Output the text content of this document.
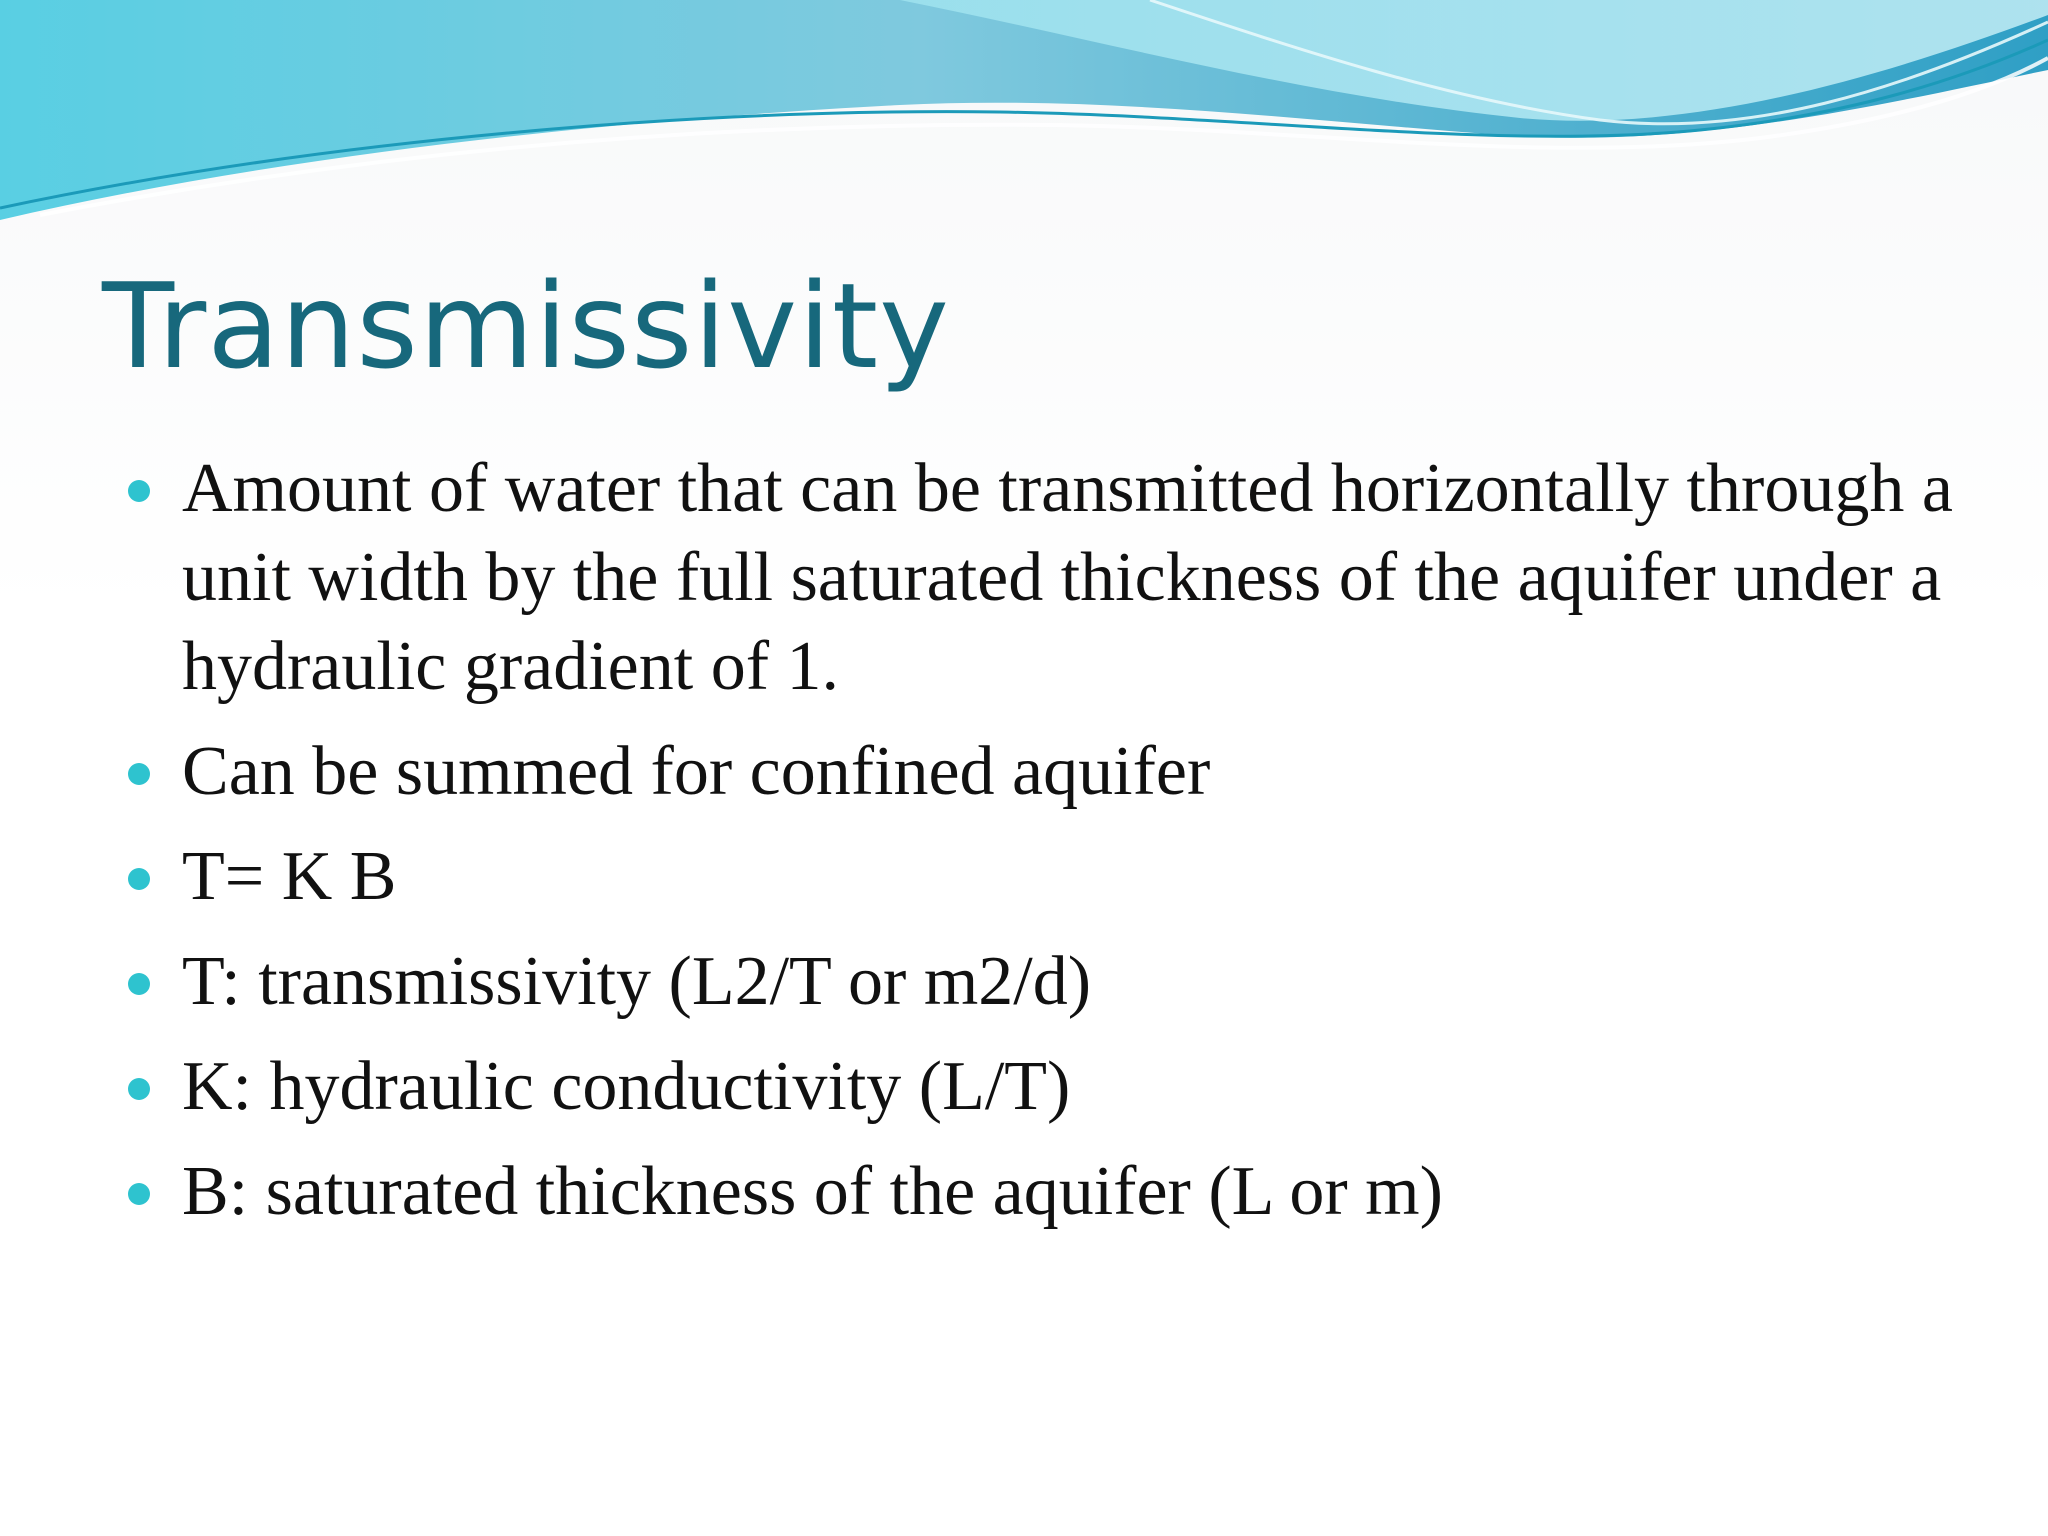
Transmissivity
Amount of water that can be transmitted horizontally through a unit width by the full saturated thickness of the aquifer under a hydraulic gradient of 1.
Can be summed for confined aquifer
T= K B
T: transmissivity (L2/T or m2/d)
K: hydraulic conductivity (L/T)
B: saturated thickness of the aquifer (L or m)
